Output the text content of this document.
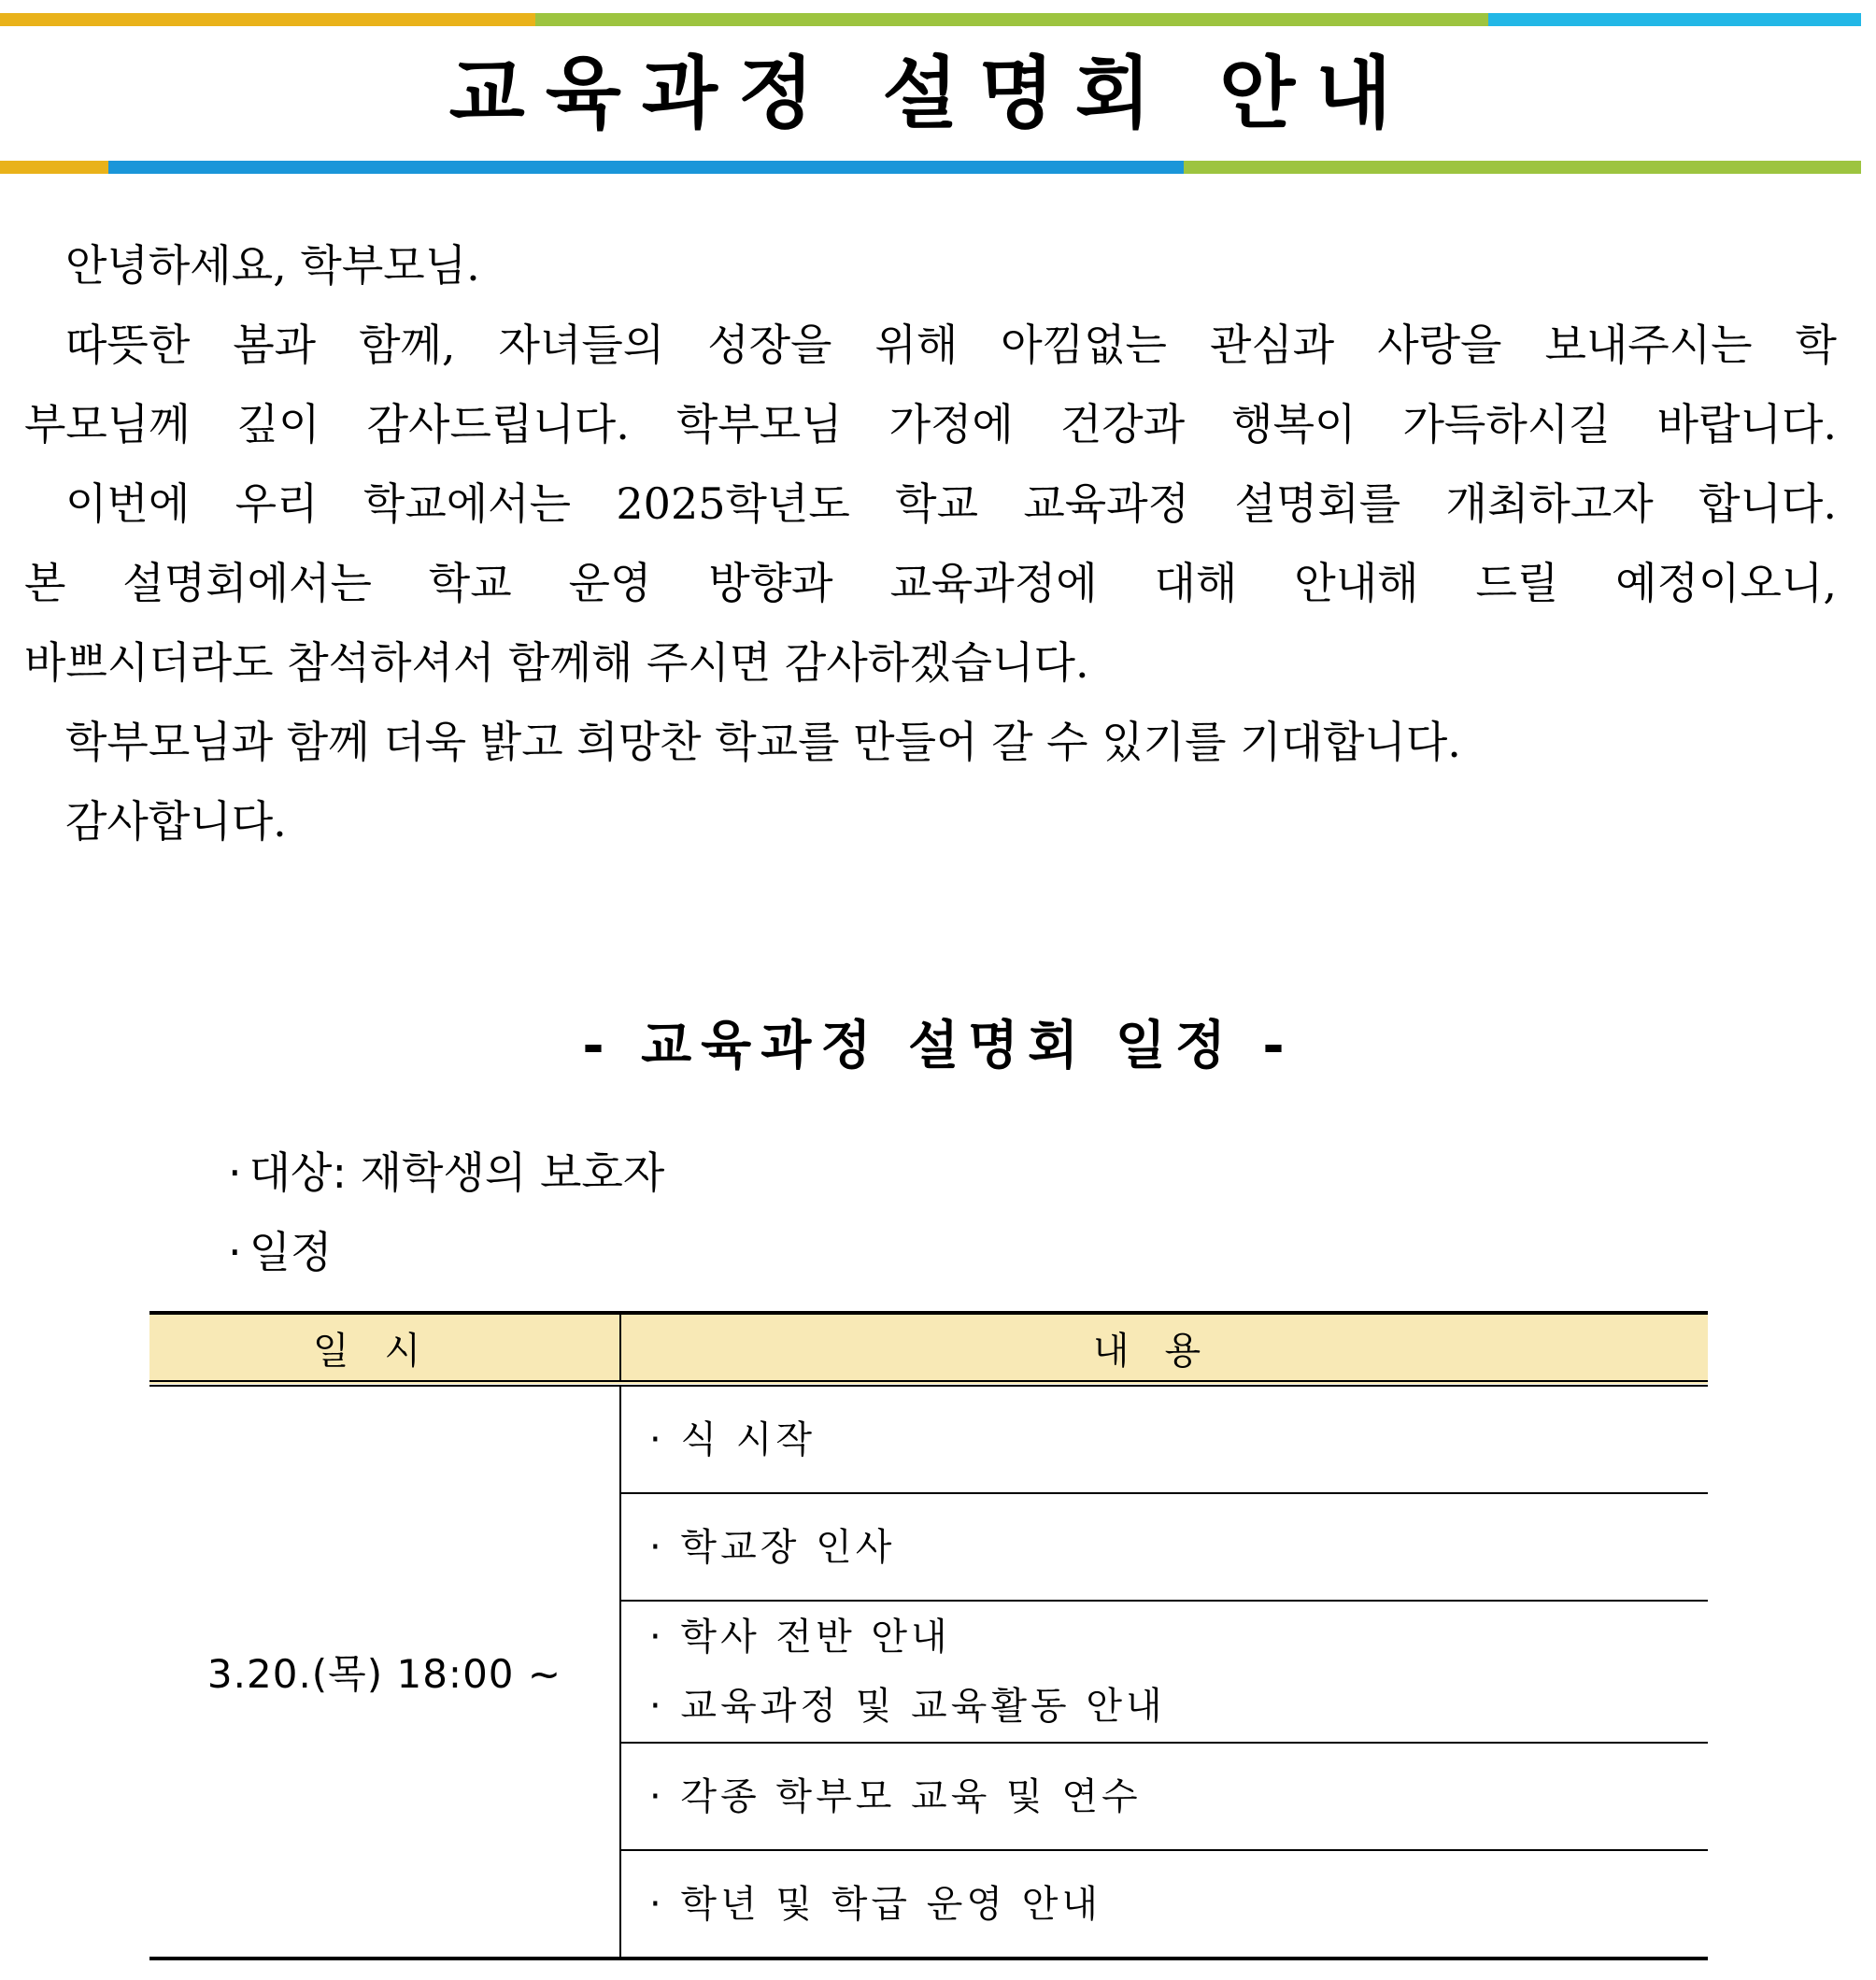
교육과정 설명회 안내

안녕하세요, 학부모님.

따뜻한 봄과 함께, 자녀들의 성장을 위해 아낌없는 관심과 사랑을 보내주시는 학

부모님께 깊이 감사드립니다. 학부모님 가정에 건강과 행복이 가득하시길 바랍니다.

이번에 우리 학교에서는 2025학년도 학교 교육과정 설명회를 개최하고자 합니다.

본 설명회에서는 학교 운영 방향과 교육과정에 대해 안내해 드릴 예정이오니,

바쁘시더라도 참석하셔서 함께해 주시면 감사하겠습니다.

학부모님과 함께 더욱 밝고 희망찬 학교를 만들어 갈 수 있기를 기대합니다.

감사합니다.

- 교육과정 설명회 일정 -
· 대상: 재학생의 보호자
· 일정
일시	내용
3.20.(목) 18:00 ~	· 식 시작

	· 학교장 인사

	· 학사 전반 안내
· 교육과정 및 교육활동 안내

	· 각종 학부모 교육 및 연수

	· 학년 및 학급 운영 안내
